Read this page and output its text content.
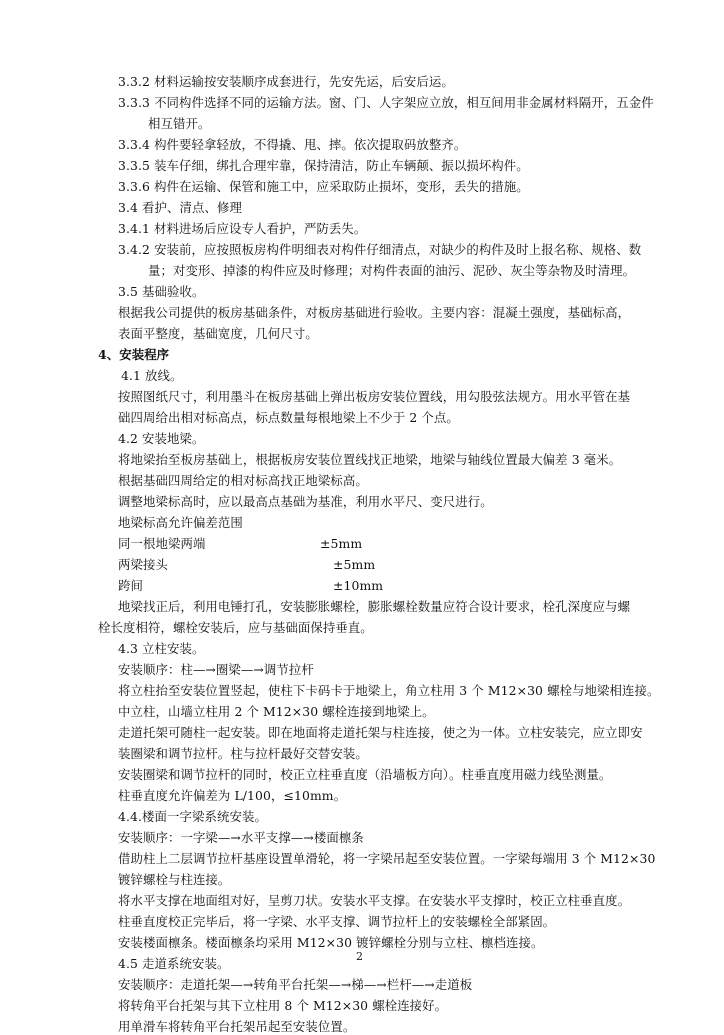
同一根地梁两端	±5mm
两梁接头	±5mm
跨间	±10mm
3.3.2 材料运输按安装顺序成套进行，先安先运，后安后运。
3.3.3 不同构件选择不同的运输方法。窗、门、人字架应立放，相互间用非金属材料隔开，五金件
相互错开。
3.3.4 构件要轻拿轻放，不得撬、甩、摔。依次提取码放整齐。
3.3.5 装车仔细，绑扎合理牢靠，保持清洁，防止车辆颠、振以损坏构件。
3.3.6 构件在运输、保管和施工中，应采取防止损坏，变形，丢失的措施。
3.4 看护、清点、修理
3.4.1 材料进场后应设专人看护，严防丢失。
3.4.2 安装前，应按照板房构件明细表对构件仔细清点，对缺少的构件及时上报名称、规格、数
量；对变形、掉漆的构件应及时修理；对构件表面的油污、泥砂、灰尘等杂物及时清理。
3.5 基础验收。
根据我公司提供的板房基础条件，对板房基础进行验收。主要内容：混凝土强度，基础标高，
表面平整度，基础宽度，几何尺寸。
4、安装程序
4.1 放线。
按照图纸尺寸，利用墨斗在板房基础上弹出板房安装位置线，用勾股弦法规方。用水平管在基
础四周给出相对标高点，标点数量每根地梁上不少于 2 个点。
4.2 安装地梁。
将地梁抬至板房基础上，根据板房安装位置线找正地梁，地梁与轴线位置最大偏差 3 毫米。
根据基础四周给定的相对标高找正地梁标高。
调整地梁标高时，应以最高点基础为基准，利用水平尺、变尺进行。
地梁标高允许偏差范围
地梁找正后，利用电锤打孔，安装膨胀螺栓，膨胀螺栓数量应符合设计要求，栓孔深度应与螺
栓长度相符，螺栓安装后，应与基础面保持垂直。
4.3 立柱安装。
安装顺序：柱—→圈梁—→调节拉杆
将立柱抬至安装位置竖起，使柱下卡码卡于地梁上，角立柱用 3 个 M12×30 螺栓与地梁相连接。
中立柱，山墙立柱用 2 个 M12×30 螺栓连接到地梁上。
走道托架可随柱一起安装。即在地面将走道托架与柱连接，使之为一体。立柱安装完，应立即安
装圈梁和调节拉杆。柱与拉杆最好交替安装。
安装圈梁和调节拉杆的同时，校正立柱垂直度（沿墙板方向）。柱垂直度用磁力线坠测量。
柱垂直度允许偏差为 L/100，≤10mm。
4.4.楼面一字梁系统安装。
安装顺序：一字梁—→水平支撑—→楼面檩条
借助柱上二层调节拉杆基座设置单滑轮，将一字梁吊起至安装位置。一字梁每端用 3 个 M12×30
镀锌螺栓与柱连接。
将水平支撑在地面组对好，呈剪刀状。安装水平支撑。在安装水平支撑时，校正立柱垂直度。
柱垂直度校正完毕后，将一字梁、水平支撑、调节拉杆上的安装螺栓全部紧固。
安装楼面檩条。楼面檩条均采用 M12×30 镀锌螺栓分别与立柱、檩档连接。
4.5 走道系统安装。
安装顺序：走道托架—→转角平台托架—→梯—→栏杆—→走道板
将转角平台托架与其下立柱用 8 个 M12×30 螺栓连接好。
用单滑车将转角平台托架吊起至安装位置。
2
